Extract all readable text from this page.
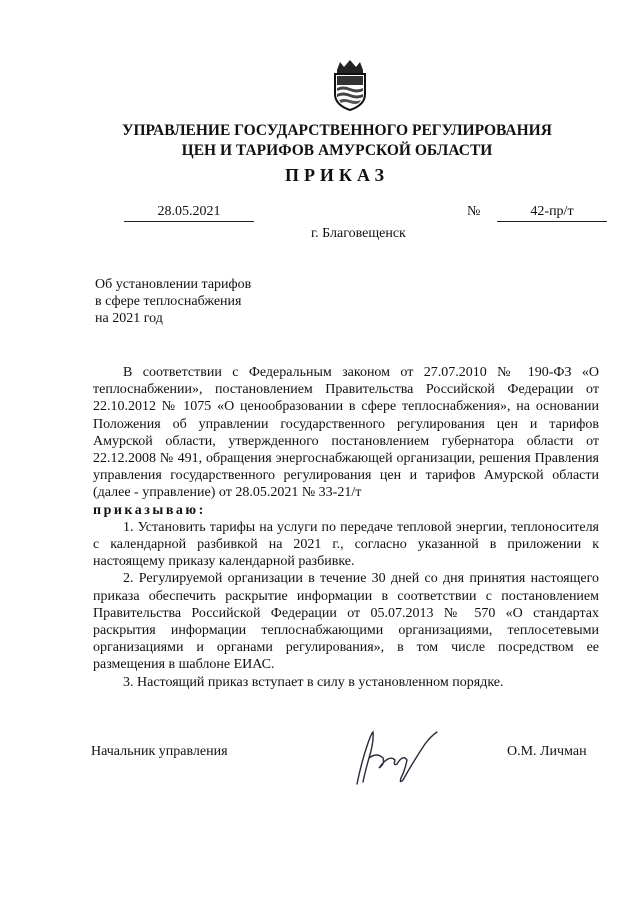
УПРАВЛЕНИЕ ГОСУДАРСТВЕННОГО РЕГУЛИРОВАНИЯ
ЦЕН И ТАРИФОВ АМУРСКОЙ ОБЛАСТИ
ПРИКАЗ
28.05.2021	№	42-пр/т
г. Благовещенск
Об установлении тарифов
в сфере теплоснабжения
на 2021 год

В соответствии с Федеральным законом от 27.07.2010 № 190-ФЗ «О теплоснабжении», постановлением Правительства Российской Федерации от 22.10.2012 № 1075 «О ценообразовании в сфере теплоснабжения», на основании Положения об управлении государственного регулирования цен и тарифов Амурской области, утвержденного постановлением губернатора области от 22.12.2008 № 491, обращения энергоснабжающей организации, решения Правления управления государственного регулирования цен и тарифов Амурской области (далее - управление) от 28.05.2021 № 33-21/т

приказываю:

1. Установить тарифы на услуги по передаче тепловой энергии, теплоносителя с календарной разбивкой на 2021 г., согласно указанной в приложении к настоящему приказу календарной разбивке.

2. Регулируемой организации в течение 30 дней со дня принятия настоящего приказа обеспечить раскрытие информации в соответствии с постановлением Правительства Российской Федерации от 05.07.2013 № 570 «О стандартах раскрытия информации теплоснабжающими организациями, теплосетевыми организациями и органами регулирования», в том числе посредством ее размещения в шаблоне ЕИАС.

3. Настоящий приказ вступает в силу в установленном порядке.

Начальник управления	О.М. Личман
